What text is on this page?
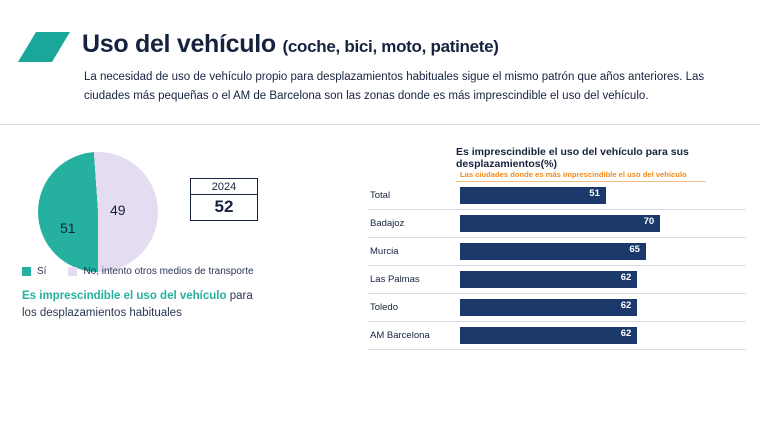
Uso del vehículo (coche, bici, moto, patinete)
La necesidad de uso de vehículo propio para desplazamientos habituales sigue el mismo patrón que años anteriores. Las ciudades más pequeñas o el AM de Barcelona son las zonas donde es más imprescindible el uso del vehículo.
51
49
2024
52
Sí	No, intento otros medios de transporte
Es imprescindible el uso del vehículo para los desplazamientos habituales
Es imprescindible el uso del vehículo para sus desplazamientos(%)
Las ciudades donde es más imprescindible el uso del vehículo
Total	51
Badajoz	70
Murcia	65
Las Palmas	62
Toledo	62
AM Barcelona	62
